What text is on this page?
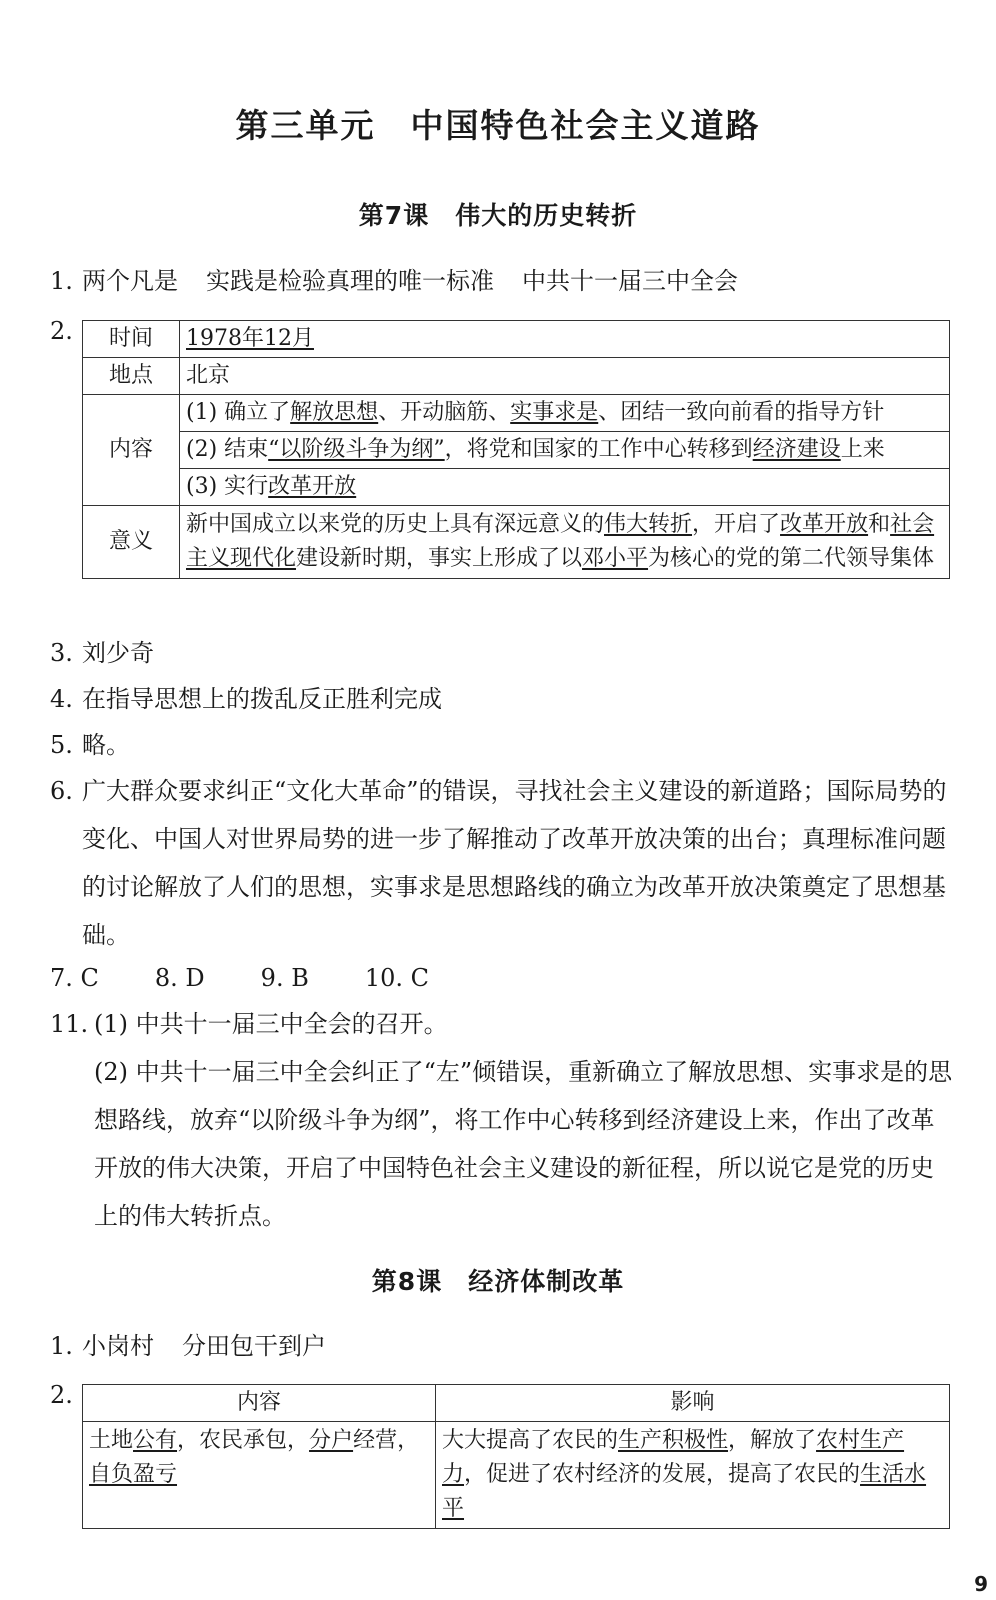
第三单元　中国特色社会主义道路
第7课　伟大的历史转折
1. 两个凡是 实践是检验真理的唯一标准 中共十一届三中全会
2. 时间	1978年12月
地点	北京
内容	(1) 确立了解放思想、开动脑筋、实事求是、团结一致向前看的指导方针
	(2) 结束“以阶级斗争为纲”，将党和国家的工作中心转移到经济建设上来
	(3) 实行改革开放
意义	新中国成立以来党的历史上具有深远意义的伟大转折，开启了改革开放和社会主义现代化建设新时期，事实上形成了以邓小平为核心的党的第二代领导集体
3. 刘少奇
4. 在指导思想上的拨乱反正胜利完成
5. 略。
6. 广大群众要求纠正“文化大革命”的错误，寻找社会主义建设的新道路；国际局势的变化、中国人对世界局势的进一步了解推动了改革开放决策的出台；真理标准问题的讨论解放了人们的思想，实事求是思想路线的确立为改革开放决策奠定了思想基础。
7. C 8. D 9. B 10. C
11. (1) 中共十一届三中全会的召开。
(2) 中共十一届三中全会纠正了“左”倾错误，重新确立了解放思想、实事求是的思想路线，放弃“以阶级斗争为纲”，将工作中心转移到经济建设上来，作出了改革开放的伟大决策，开启了中国特色社会主义建设的新征程，所以说它是党的历史上的伟大转折点。
第8课　经济体制改革
1. 小岗村 分田包干到户
2.	内容	影响
土地公有，农民承包，分户经营，自负盈亏	大大提高了农民的生产积极性，解放了农村生产力，促进了农村经济的发展，提高了农民的生活水平
9
